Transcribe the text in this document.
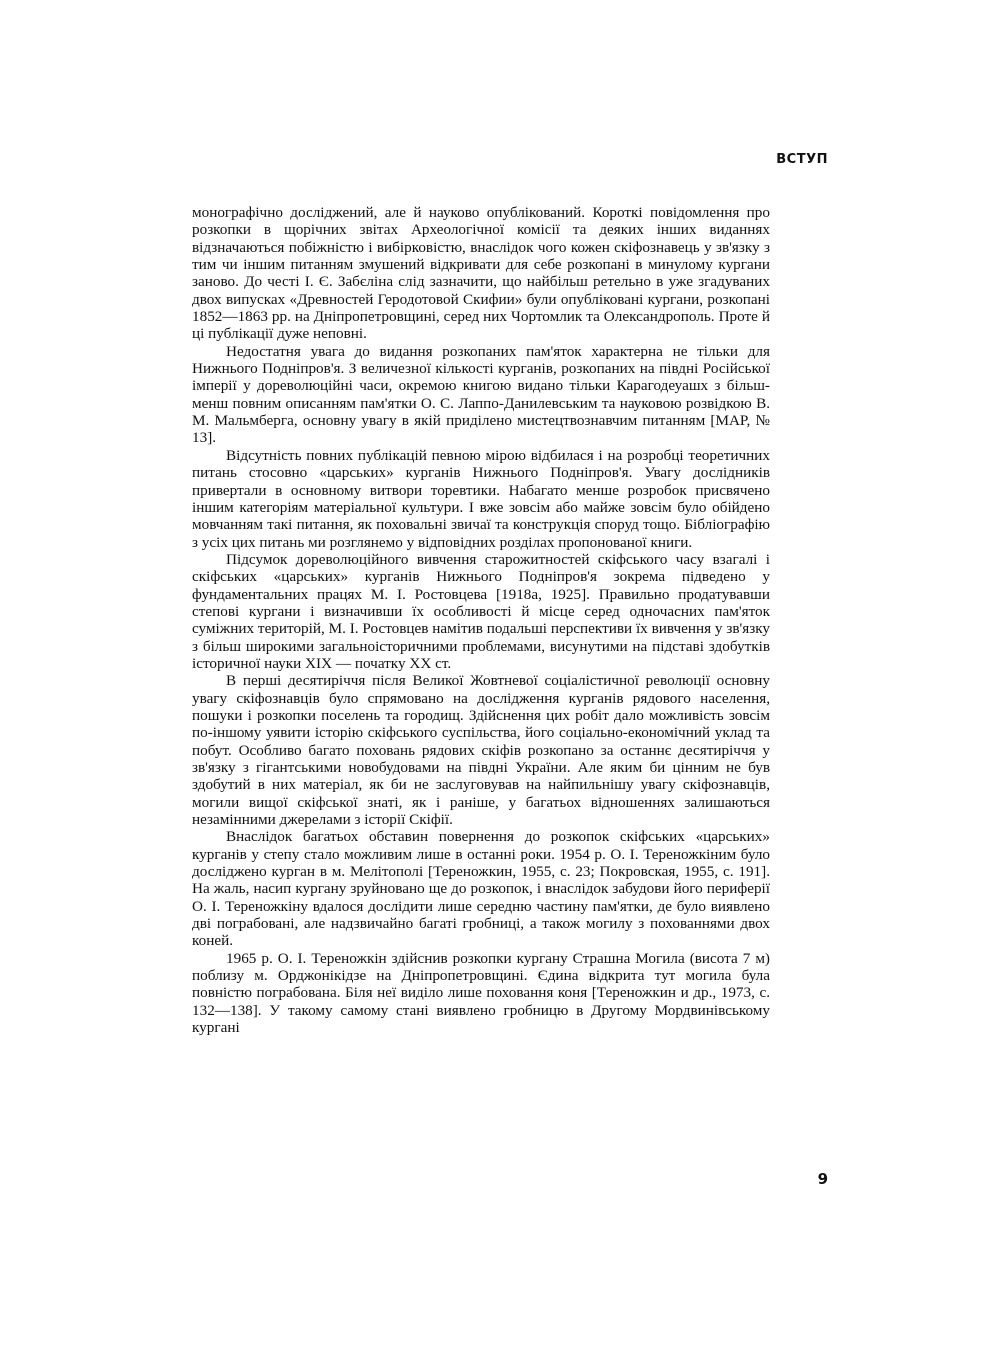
ВСТУП

монографічно досліджений, але й науково опублікований. Короткі повідомлення про розкопки в щорічних звітах Археологічної комісії та деяких інших виданнях відзначаються побіжністю і вибірковістю, внаслідок чого кожен скіфознавець у зв'язку з тим чи іншим питанням змушений відкривати для себе розкопані в минулому кургани заново. До честі І. Є. Забєліна слід зазначити, що найбільш ретельно в уже згадуваних двох випусках «Древностей Геродотовой Скифии» були опубліковані кургани, розкопані 1852—1863 рр. на Дніпропетровщині, серед них Чортомлик та Олександрополь. Проте й ці публікації дуже неповні.

Недостатня увага до видання розкопаних пам'яток характерна не тільки для Нижнього Подніпров'я. З величезної кількості курганів, розкопаних на півдні Російської імперії у дореволюційні часи, окремою книгою видано тільки Карагодеуашх з більш-менш повним описанням пам'ятки О. С. Лаппо-Данилевським та науковою розвідкою В. М. Мальмберга, основну увагу в якій приділено мистецтвознавчим питанням [МАР, № 13].

Відсутність повних публікацій певною мірою відбилася і на розробці теоретичних питань стосовно «царських» курганів Нижнього Подніпров'я. Увагу дослідників привертали в основному витвори торевтики. Набагато менше розробок присвячено іншим категоріям матеріальної культури. І вже зовсім або майже зовсім було обійдено мовчанням такі питання, як поховальні звичаї та конструкція споруд тощо. Бібліографію з усіх цих питань ми розглянемо у відповідних розділах пропонованої книги.

Підсумок дореволюційного вивчення старожитностей скіфського часу взагалі і скіфських «царських» курганів Нижнього Подніпров'я зокрема підведено у фундаментальних працях М. І. Ростовцева [1918а, 1925]. Правильно продатувавши степові кургани і визначивши їх особливості й місце серед одночасних пам'яток суміжних територій, М. І. Ростовцев намітив подальші перспективи їх вивчення у зв'язку з більш широкими загальноісторичними проблемами, висунутими на підставі здобутків історичної науки XIX — початку XX ст.

В перші десятиріччя після Великої Жовтневої соціалістичної революції основну увагу скіфознавців було спрямовано на дослідження курганів рядового населення, пошуки і розкопки поселень та городищ. Здійснення цих робіт дало можливість зовсім по-іншому уявити історію скіфського суспільства, його соціально-економічний уклад та побут. Особливо багато поховань рядових скіфів розкопано за останнє десятиріччя у зв'язку з гігантськими новобудовами на півдні України. Але яким би цінним не був здобутий в них матеріал, як би не заслуговував на найпильнішу увагу скіфознавців, могили вищої скіфської знаті, як і раніше, у багатьох відношеннях залишаються незамінними джерелами з історії Скіфії.

Внаслідок багатьох обставин повернення до розкопок скіфських «царських» курганів у степу стало можливим лише в останні роки. 1954 р. О. І. Тереножкіним було досліджено курган в м. Мелітополі [Тереножкин, 1955, с. 23; Покровская, 1955, с. 191]. На жаль, насип кургану зруйновано ще до розкопок, і внаслідок забудови його периферії О. І. Тереножкіну вдалося дослідити лише середню частину пам'ятки, де було виявлено дві пограбовані, але надзвичайно багаті гробниці, а також могилу з похованнями двох коней.

1965 р. О. І. Тереножкін здійснив розкопки кургану Страшна Могила (висота 7 м) поблизу м. Орджонікідзе на Дніпропетровщині. Єдина відкрита тут могила була повністю пограбована. Біля неї виділо лише поховання коня [Тереножкин и др., 1973, с. 132—138]. У такому самому стані виявлено гробницю в Другому Мордвинівському кургані

9
